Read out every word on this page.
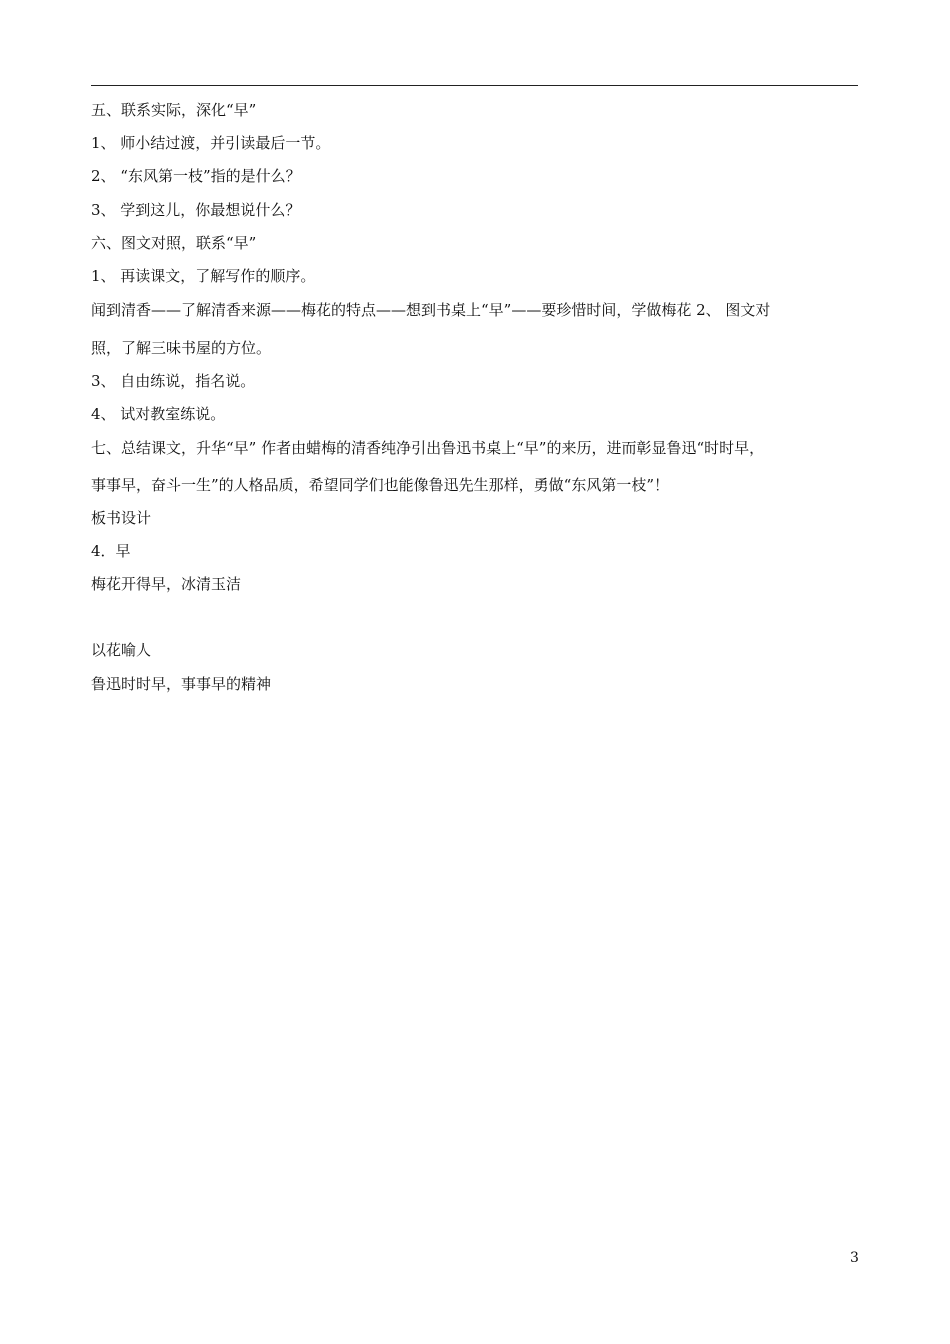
五、联系实际，深化“早”
1、 师小结过渡，并引读最后一节。
2、 “东风第一枝”指的是什么？
3、 学到这儿，你最想说什么？
六、图文对照，联系“早”
1、 再读课文，了解写作的顺序。
闻到清香——了解清香来源——梅花的特点——想到书桌上“早”——要珍惜时间，学做梅花 2、 图文对
照，了解三味书屋的方位。
3、 自由练说，指名说。
4、 试对教室练说。
七、总结课文，升华“早” 作者由蜡梅的清香纯净引出鲁迅书桌上“早”的来历，进而彰显鲁迅“时时早，
事事早，奋斗一生”的人格品质，希望同学们也能像鲁迅先生那样，勇做“东风第一枝”！
板书设计
4．早
梅花开得早，冰清玉洁
以花喻人
鲁迅时时早，事事早的精神
3
